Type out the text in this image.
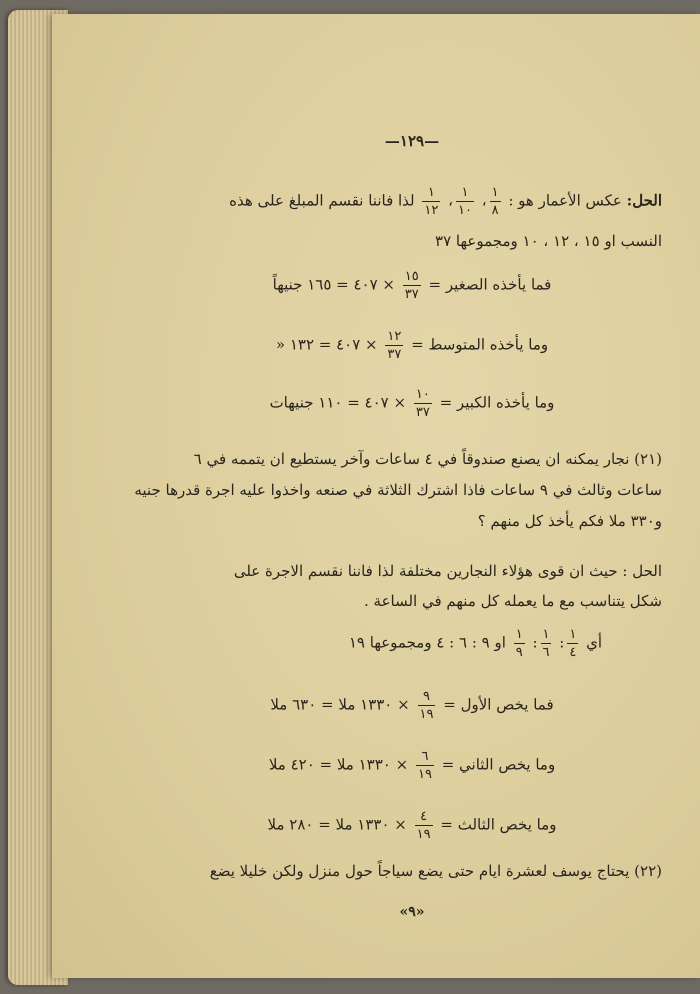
—١٢٩—
الحل: عكس الأعمار هو :
$\frac{١}{٨}$
،
$\frac{١}{١٠}$
،
$\frac{١}{١٢}$
لذا فاننا نقسم المبلغ على هذه
النسب او ١٥ ، ١٢ ، ١٠ ومجموعها ٣٧
فما يأخذه الصغير =
$\frac{١٥}{٣٧}$
× ٤٠٧ = ١٦٥ جنيهاً
وما يأخذه المتوسط =
$\frac{١٢}{٣٧}$
× ٤٠٧ = ١٣٢ «
وما يأخذه الكبير =
$\frac{١٠}{٣٧}$
× ٤٠٧ = ١١٠ جنيهات
(٢١) نجار يمكنه ان يصنع صندوقاً في ٤ ساعات وآخر يستطيع ان يتممه في ٦
ساعات وثالث في ٩ ساعات فاذا اشترك الثلاثة في صنعه واخذوا عليه اجرة قدرها جنيه
و٣٣٠ ملا فكم يأخذ كل منهم ؟
الحل : حيث ان قوى هؤلاء النجارين مختلفة لذا فاننا نقسم الاجرة على
شكل يتناسب مع ما يعمله كل منهم في الساعة .
أي
$\frac{١}{٤}$
:
$\frac{١}{٦}$
:
$\frac{١}{٩}$
او ٩ : ٦ : ٤ ومجموعها ١٩
فما يخص الأول =
$\frac{٩}{١٩}$
× ١٣٣٠ ملا = ٦٣٠ ملا
وما يخص الثاني =
$\frac{٦}{١٩}$
× ١٣٣٠ ملا = ٤٢٠ ملا
وما يخص الثالث =
$\frac{٤}{١٩}$
× ١٣٣٠ ملا = ٢٨٠ ملا
(٢٢) يحتاج يوسف لعشرة ايام حتى يضع سياجاً حول منزل ولكن خليلا يضع
«٩»
